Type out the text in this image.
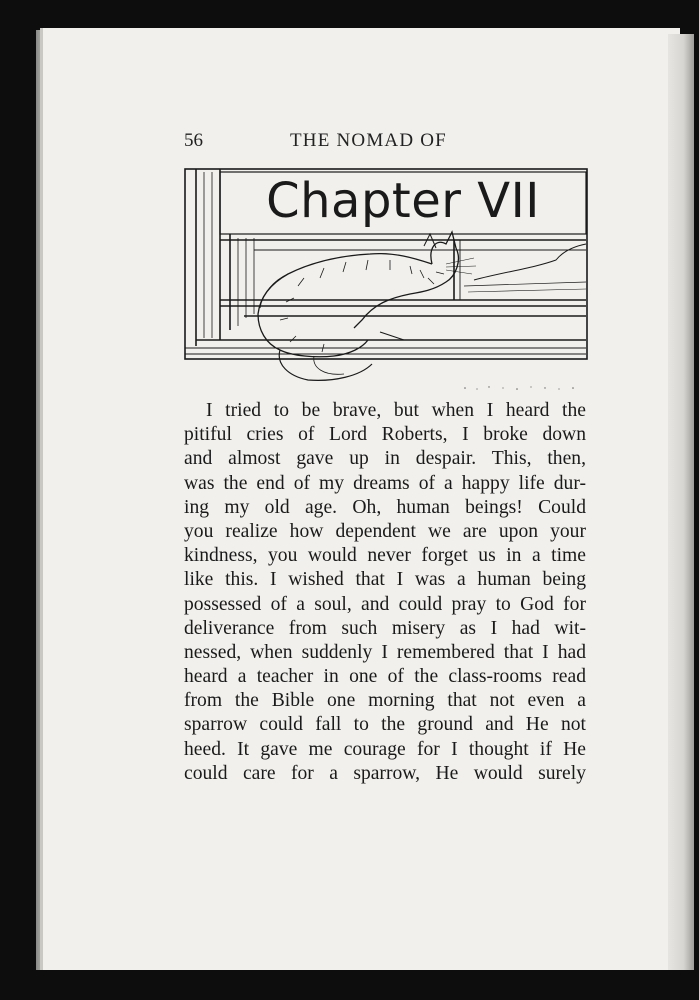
56	THE NOMAD OF
Chapter VII
I tried to be brave, but when I heard the
pitiful cries of Lord Roberts, I broke down
and almost gave up in despair. This, then,
was the end of my dreams of a happy life dur-
ing my old age. Oh, human beings! Could
you realize how dependent we are upon your
kindness, you would never forget us in a time
like this. I wished that I was a human being
possessed of a soul, and could pray to God for
deliverance from such misery as I had wit-
nessed, when suddenly I remembered that I had
heard a teacher in one of the class-rooms read
from the Bible one morning that not even a
sparrow could fall to the ground and He not
heed. It gave me courage for I thought if He
could care for a sparrow, He would surely
